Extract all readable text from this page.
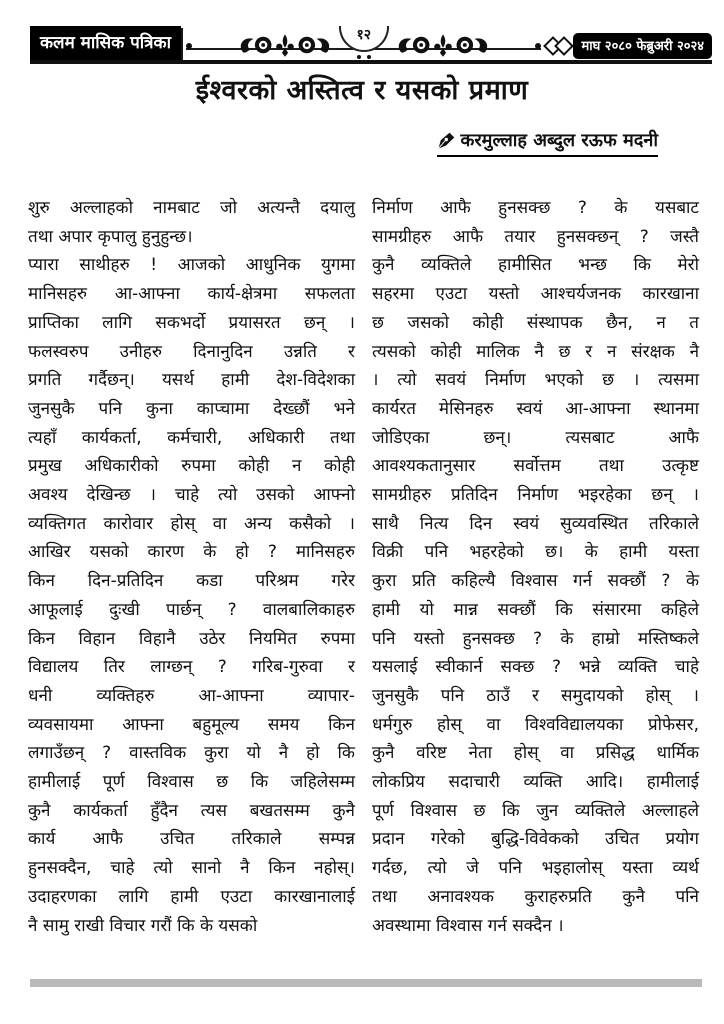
कलम मासिक पत्रिका	१२
माघ २०८० फेब्रुअरी २०२४
ईश्वरको अस्तित्व र यसको प्रमाण
करमुल्लाह अब्दुल रऊफ मदनी
शुरु अल्लाहको नामबाट जो अत्यन्तै दयालु
तथा अपार कृपालु हुनुहुन्छ।
प्यारा साथीहरु ! आजको आधुनिक युगमा
मानिसहरु आ-आफ्ना कार्य-क्षेत्रमा सफलता
प्राप्तिका लागि सकभर्दो प्रयासरत छन् ।
फलस्वरुप उनीहरु दिनानुदिन उन्नति र
प्रगति गर्दैछन्। यसर्थ हामी देश-विदेशका
जुनसुकै पनि कुना काप्चामा देख्छौं भने
त्यहाँ कार्यकर्ता, कर्मचारी, अधिकारी तथा
प्रमुख अधिकारीको रुपमा कोही न कोही
अवश्य देखिन्छ । चाहे त्यो उसको आफ्नो
व्यक्तिगत कारोवार होस् वा अन्य कसैको ।
आखिर यसको कारण के हो ? मानिसहरु
किन दिन-प्रतिदिन कडा परिश्रम गरेर
आफूलाई दुःखी पार्छन् ? वालबालिकाहरु
किन विहान विहानै उठेर नियमित रुपमा
विद्यालय तिर लाग्छन् ? गरिब-गुरुवा र
धनी व्यक्तिहरु आ-आफ्ना व्यापार-
व्यवसायमा आफ्ना बहुमूल्य समय किन
लगाउँछन् ? वास्तविक कुरा यो नै हो कि
हामीलाई पूर्ण विश्वास छ कि जहिलेसम्म
कुनै कार्यकर्ता हुँदैन त्यस बखतसम्म कुनै
कार्य आफै उचित तरिकाले सम्पन्न
हुनसक्दैन, चाहे त्यो सानो नै किन नहोस्।
उदाहरणका लागि हामी एउटा कारखानालाई
नै सामु राखी विचार गरौं कि के यसको
निर्माण आफै हुनसक्छ ? के यसबाट
सामग्रीहरु आफै तयार हुनसक्छन् ? जस्तै
कुनै व्यक्तिले हामीसित भन्छ कि मेरो
सहरमा एउटा यस्तो आश्चर्यजनक कारखाना
छ जसको कोही संस्थापक छैन, न त
त्यसको कोही मालिक नै छ र न संरक्षक नै
। त्यो सवयं निर्माण भएको छ । त्यसमा
कार्यरत मेसिनहरु स्वयं आ-आफ्ना स्थानमा
जोडिएका छन्। त्यसबाट आफै
आवश्यकतानुसार सर्वोत्तम तथा उत्कृष्ट
सामग्रीहरु प्रतिदिन निर्माण भइरहेका छन् ।
साथै नित्य दिन स्वयं सुव्यवस्थित तरिकाले
विक्री पनि भहरहेको छ। के हामी यस्ता
कुरा प्रति कहिल्यै विश्वास गर्न सक्छौं ? के
हामी यो मान्न सक्छौं कि संसारमा कहिले
पनि यस्तो हुनसक्छ ? के हाम्रो मस्तिष्कले
यसलाई स्वीकार्न सक्छ ? भन्ने व्यक्ति चाहे
जुनसुकै पनि ठाउँ र समुदायको होस् ।
धर्मगुरु होस् वा विश्वविद्यालयका प्रोफेसर,
कुनै वरिष्ट नेता होस् वा प्रसिद्ध धार्मिक
लोकप्रिय सदाचारी व्यक्ति आदि। हामीलाई
पूर्ण विश्वास छ कि जुन व्यक्तिले अल्लाहले
प्रदान गरेको बुद्धि-विवेकको उचित प्रयोग
गर्दछ, त्यो जे पनि भइहालोस् यस्ता व्यर्थ
तथा अनावश्यक कुराहरुप्रति कुनै पनि
अवस्थामा विश्वास गर्न सक्दैन ।
